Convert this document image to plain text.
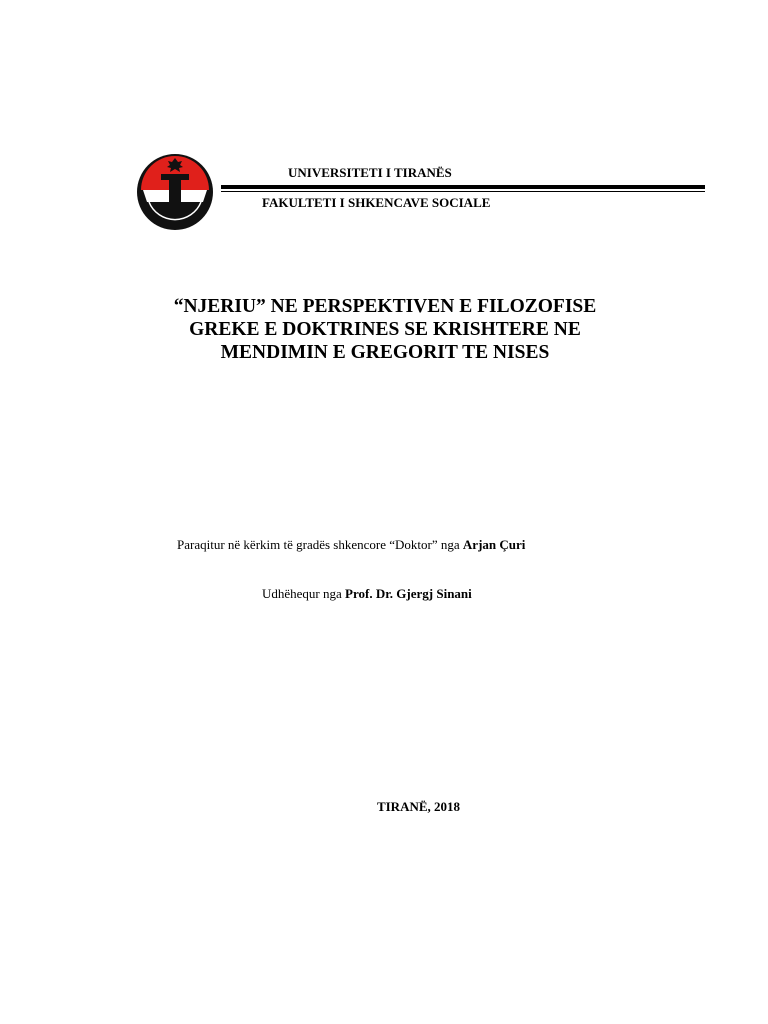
UNIVERSITETI I TIRANËS
FAKULTETI I SHKENCAVE SOCIALE
“NJERIU” NE PERSPEKTIVEN E FILOZOFISE
GREKE E DOKTRINES SE KRISHTERE NE
MENDIMIN E GREGORIT TE NISES
Paraqitur në kërkim të gradës shkencore “Doktor” nga Arjan Çuri
Udhëhequr nga Prof. Dr. Gjergj Sinani
TIRANË, 2018
